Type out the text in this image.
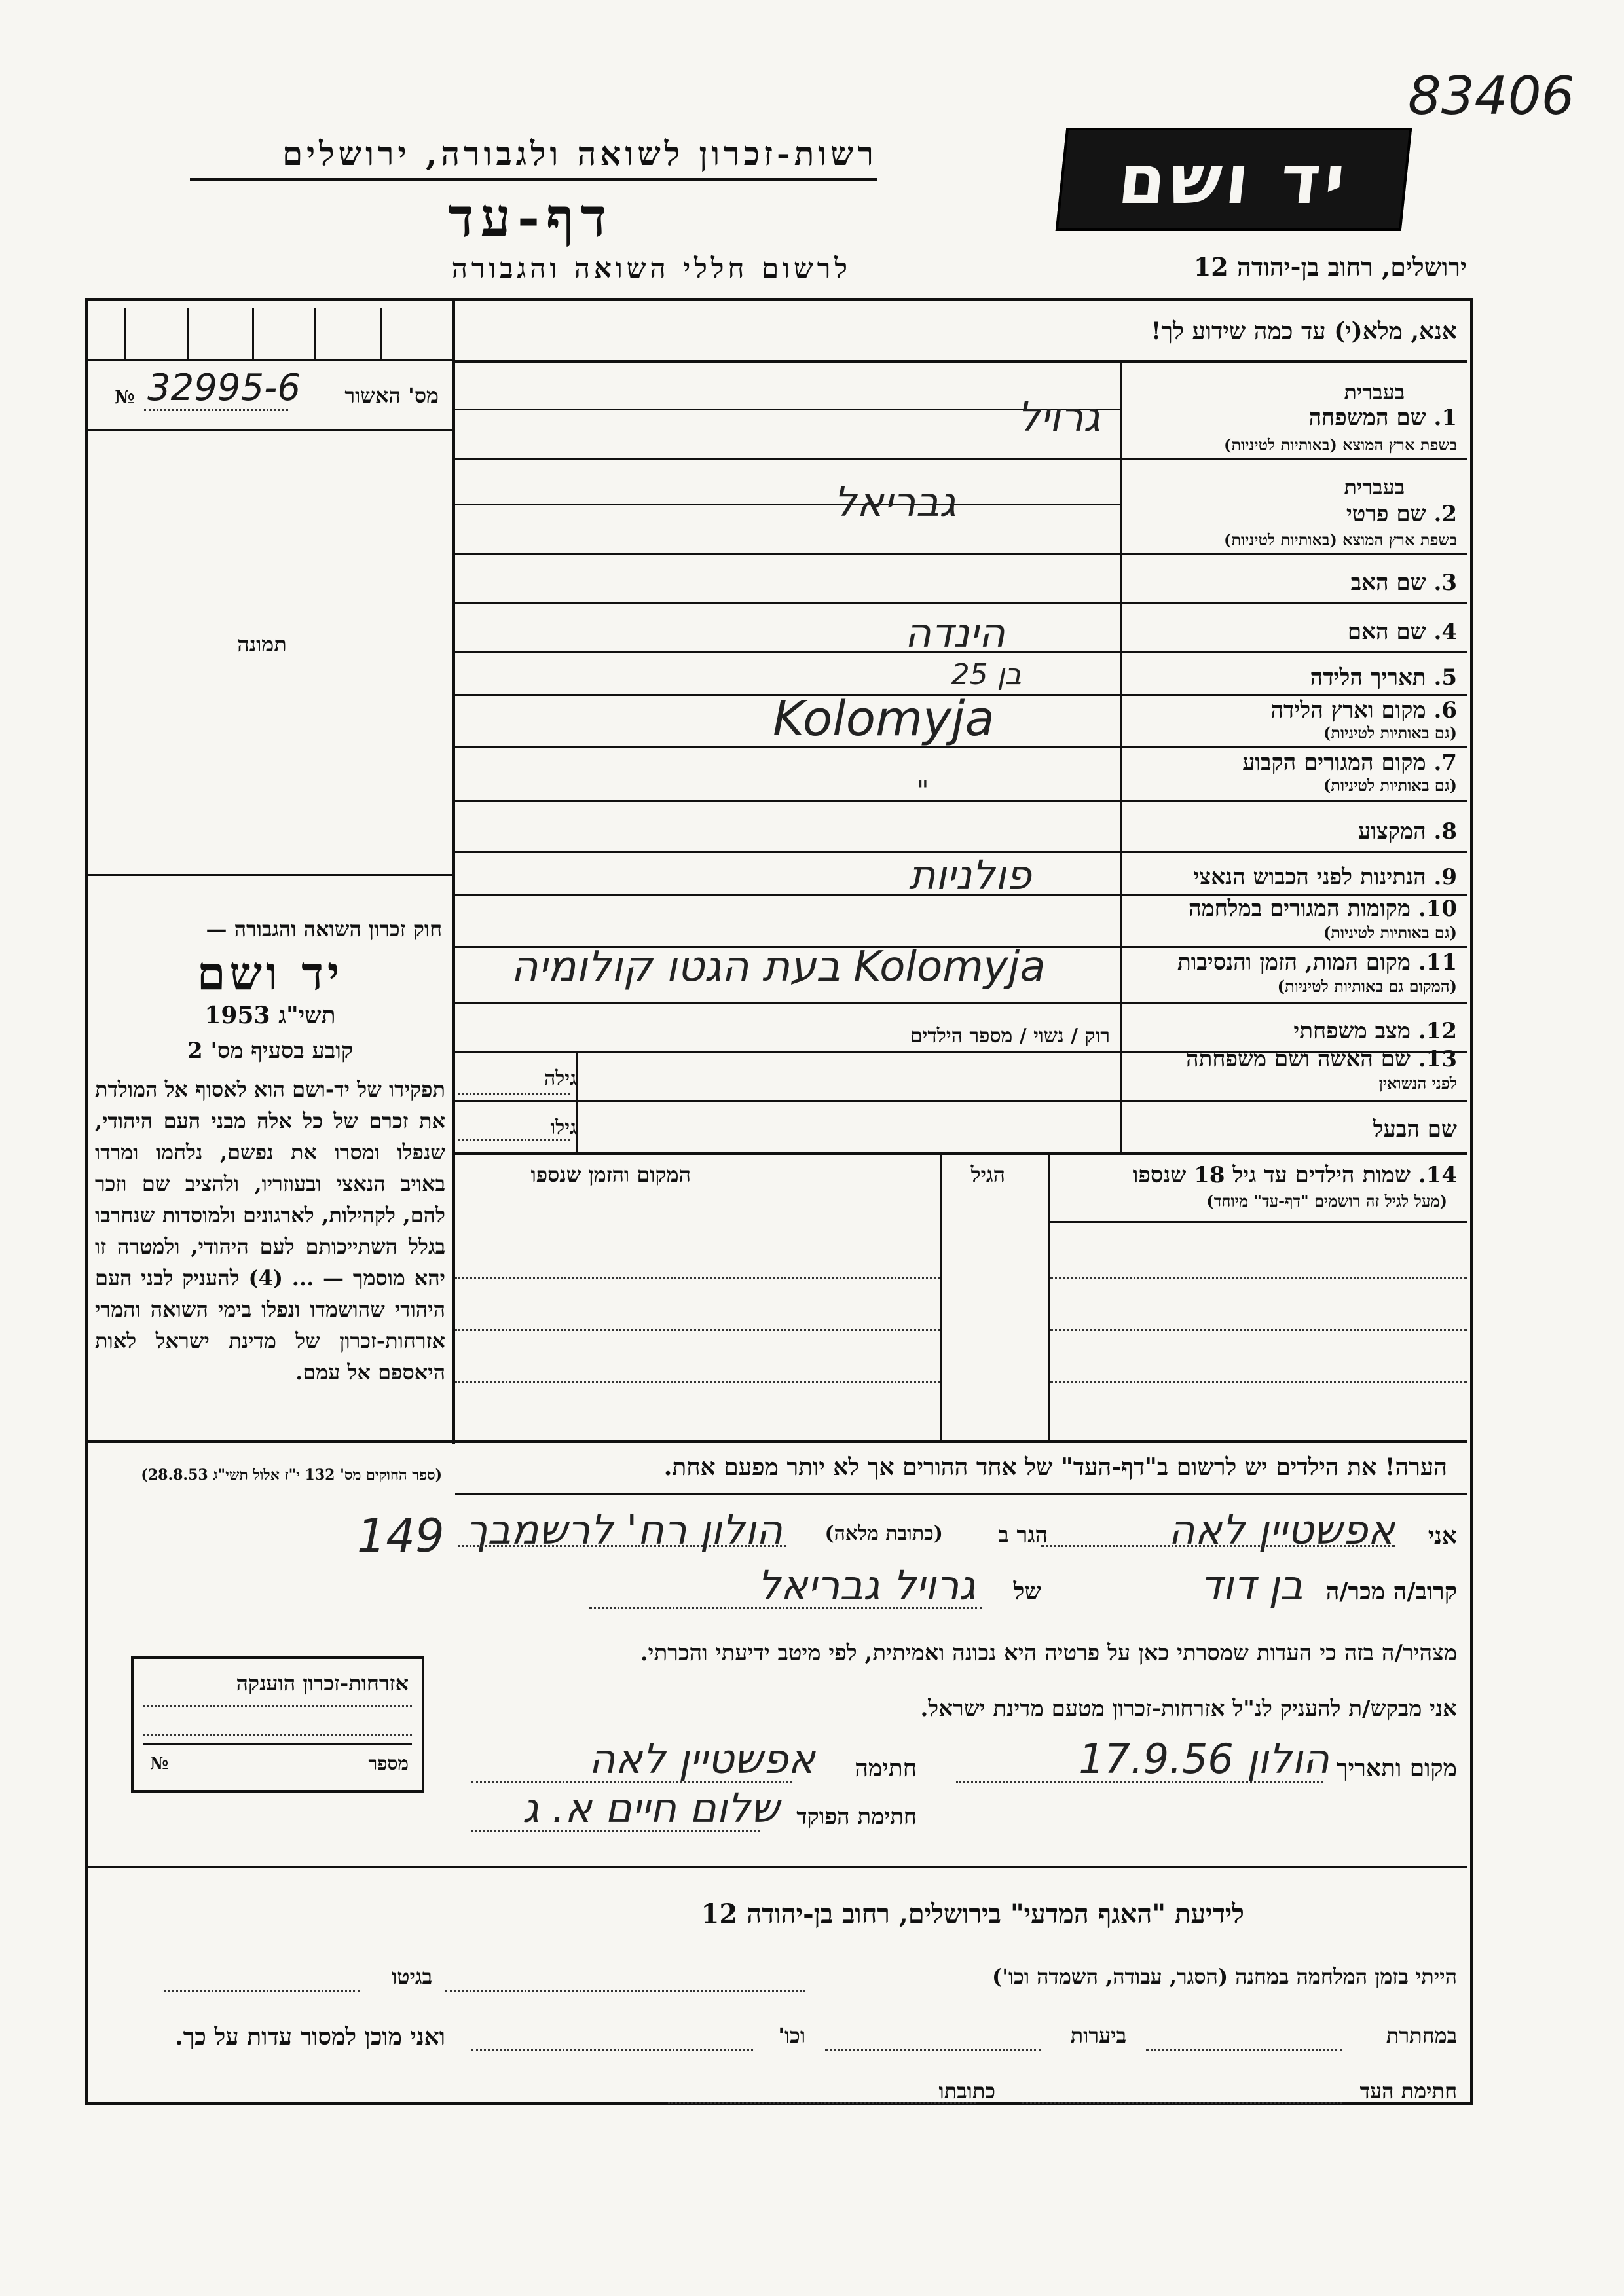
83406
רשות-זכרון לשואה ולגבורה, ירושלים
דף-עד
לרשום חללי השואה והגבורה
יד ושם
ירושלים, רחוב בן-יהודה 12
מס' האשור
№ 32995-6
תמונה
חוק זכרון השואה והגבורה —
יד ושם
תשי"ג 1953
קובע בסעיף מס' 2
תפקידו של יד-ושם הוא לאסוף אל המולדת את זכרם של כל אלה מבני העם היהודי, שנפלו ומסרו את נפשם, נלחמו ומרדו באויב הנאצי ובעוזריו, ולהציב שם וזכר להם, לקהילות, לארגונים ולמוסדות שנחרבו בגלל השתייכותם לעם היהודי, ולמטרה זו יהא מוסמך — ... (4) להעניק לבני העם היהודי שהושמדו ונפלו בימי השואה והמרי אזרחות-זכרון של מדינת ישראל לאות היאספם אל עמם.
(ספר החוקים מס' 132 י"ז אלול תשי"ג 28.8.53)
אנא, מלא(י) עד כמה שידוע לך!
בעברית
1. שם המשפחה
בשפת ארץ המוצא (באותיות לטיניות)
בעברית
2. שם פרטי
בשפת ארץ המוצא (באותיות לטיניות)
3. שם האב
4. שם האם
5. תאריך הלידה
6. מקום וארץ הלידה
(גם באותיות לטיניות)
7. מקום המגורים הקבוע
(גם באותיות לטיניות)
8. המקצוע
9. הנתינות לפני הכבוש הנאצי
10. מקומות המגורים במלחמה
(גם באותיות לטיניות)
11. מקום המות, הזמן והנסיבות
(המקום גם באותיות לטיניות)
12. מצב משפחתי
רוק / נשוי / מספר הילדים
13. שם האשה ושם משפחתה
לפני הנשואין
גילה
שם הבעל
גילו
14. שמות הילדים עד גיל 18 שנספו
(מעל לגיל זה רושמים "דף-עד" מיוחד)
הגיל
המקום והזמן שנספו
גרויל
גבריאל
הינדה
בן 25
Kolomyja
"
פולניות
בעת הגטו קולומיה Kolomyja
הערה! את הילדים יש לרשום ב"דף-העד" של אחד ההורים אך לא יותר מפעם אחת.
אני
אפשטיין לאה
הגר ב
(כתובת מלאה)
הולון רח' לרשמבך
149
קרוב/ה מכר/ה
בן דוד
של
גרויל גבריאל
מצהיר/ה בזה כי העדות שמסרתי כאן על פרטיה היא נכונה ואמיתית, לפי מיטב ידיעתי והכרתי.
אני מבקש/ת להעניק לנ"ל אזרחות-זכרון מטעם מדינת ישראל.
מקום ותאריך
הולון 17.9.56
חתימה
אפשטיין לאה
חתימת הפוקד
שלום חיים א. ג
אזרחות-זכרון הוענקה
№	מספר
לידיעת "האגף המדעי" בירושלים, רחוב בן-יהודה 12
הייתי בזמן המלחמה במחנה (הסגר, עבודה, השמדה וכו')
בגיטו
במחתרת
ביערות
וכו'
ואני מוכן למסור עדות על כך.
חתימת העד
כתובתו
